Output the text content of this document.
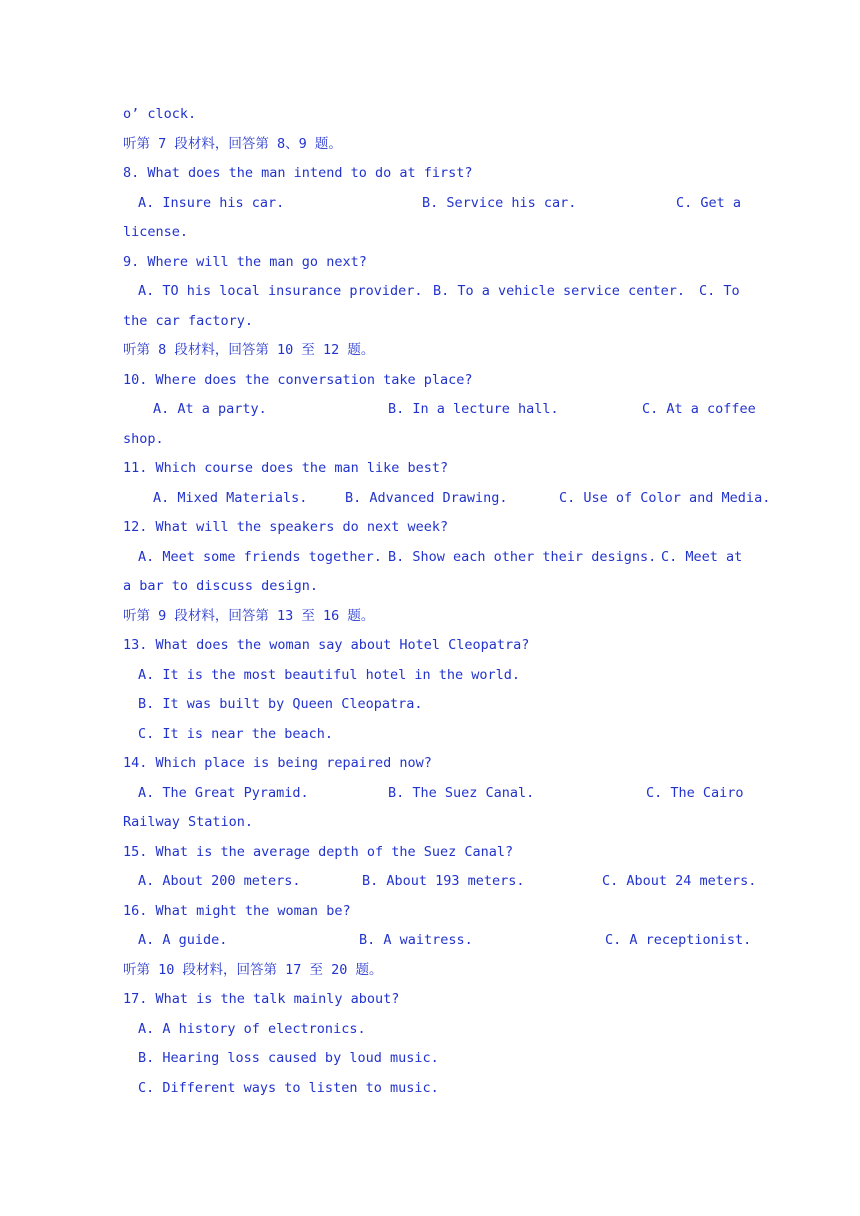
o’ clock.
听第 7 段材料，回答第 8、9 题。
8. What does the man intend to do at first?
A. Insure his car.	B. Service his car.	C. Get a
license.
9. Where will the man go next?
A. TO his local insurance provider. B. To a vehicle service center. C. To
the car factory.
听第 8 段材料，回答第 10 至 12 题。
10. Where does the conversation take place?
A. At a party.	B. In a lecture hall.	C. At a coffee
shop.
11. Which course does the man like best?
A. Mixed Materials.	B. Advanced Drawing.	C. Use of Color and Media.
12. What will the speakers do next week?
A. Meet some friends together. B. Show each other their designs. C. Meet at
a bar to discuss design.
听第 9 段材料，回答第 13 至 16 题。
13. What does the woman say about Hotel Cleopatra?
A. It is the most beautiful hotel in the world.
B. It was built by Queen Cleopatra.
C. It is near the beach.
14. Which place is being repaired now?
A. The Great Pyramid.	B. The Suez Canal.	C. The Cairo
Railway Station.
15. What is the average depth of the Suez Canal?
A. About 200 meters.	B. About 193 meters.	C. About 24 meters.
16. What might the woman be?
A. A guide.	B. A waitress.	C. A receptionist.
听第 10 段材料，回答第 17 至 20 题。
17. What is the talk mainly about?
A. A history of electronics.
B. Hearing loss caused by loud music.
C. Different ways to listen to music.
